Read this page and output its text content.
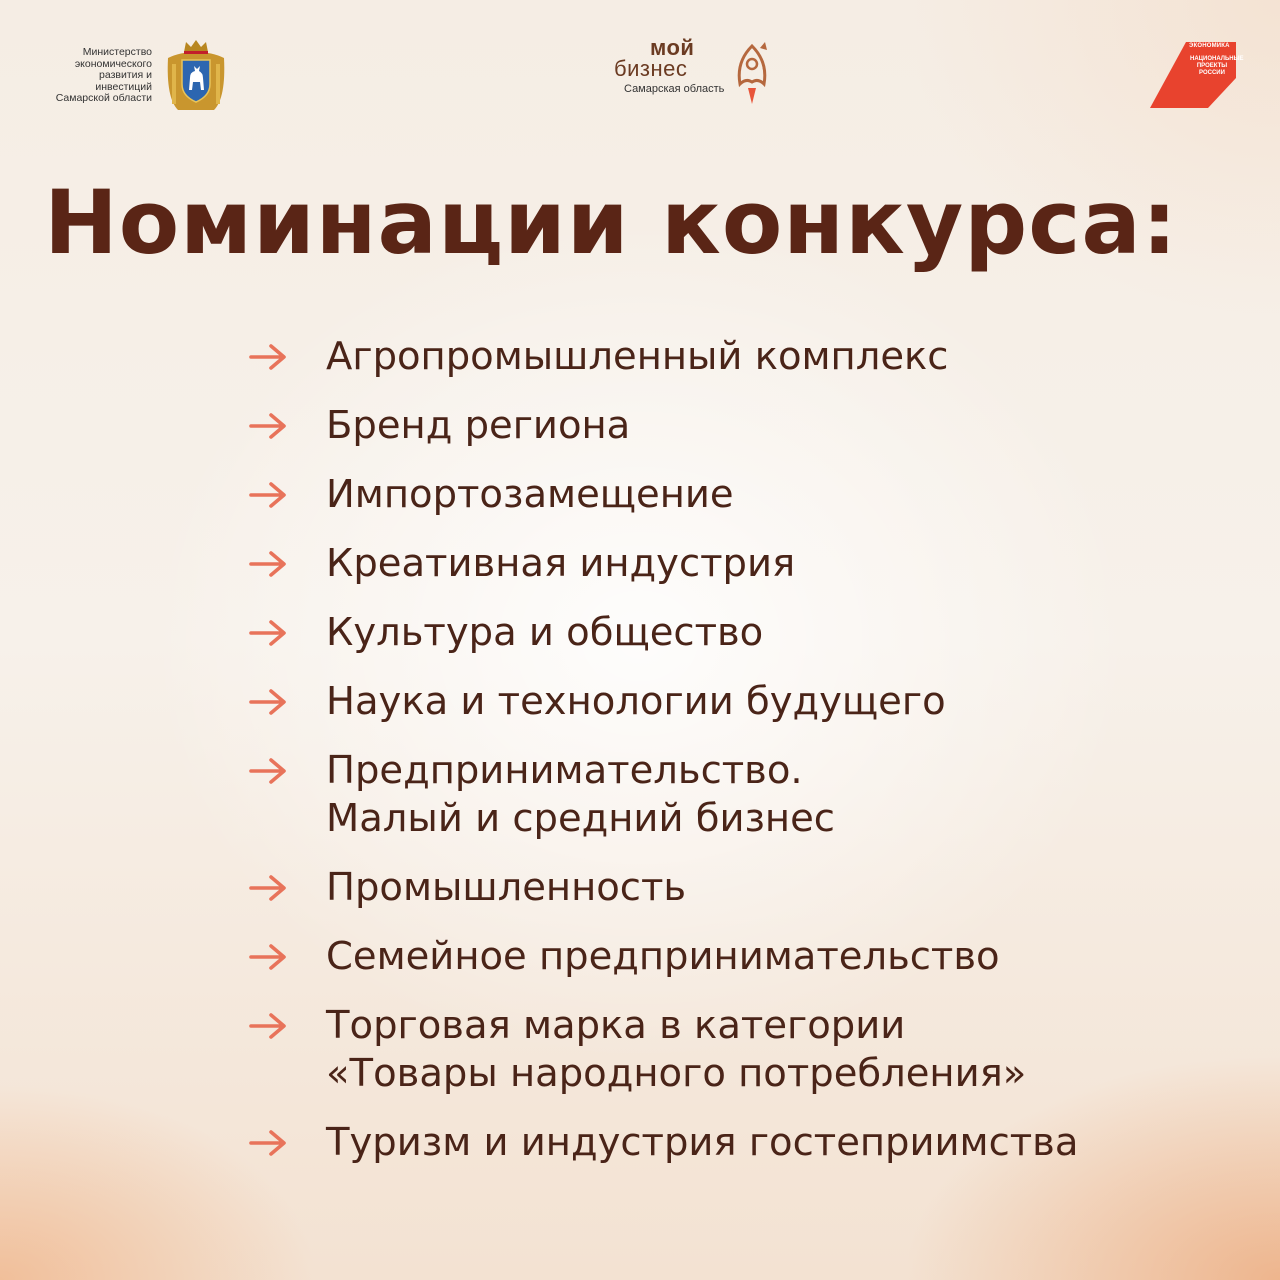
Министерство
экономического
развития и инвестиций
Самарской области
мой
бизнес
Самарская область
ЭКОНОМИКА
НАЦИОНАЛЬНЫЕ
ПРОЕКТЫ
РОССИИ
Номинации конкурса:
Агропромышленный комплекс
Бренд региона
Импортозамещение
Креативная индустрия
Культура и общество
Наука и технологии будущего
Предпринимательство.
Малый и средний бизнес
Промышленность
Семейное предпринимательство
Торговая марка в категории
«Товары народного потребления»
Туризм и индустрия гостеприимства
